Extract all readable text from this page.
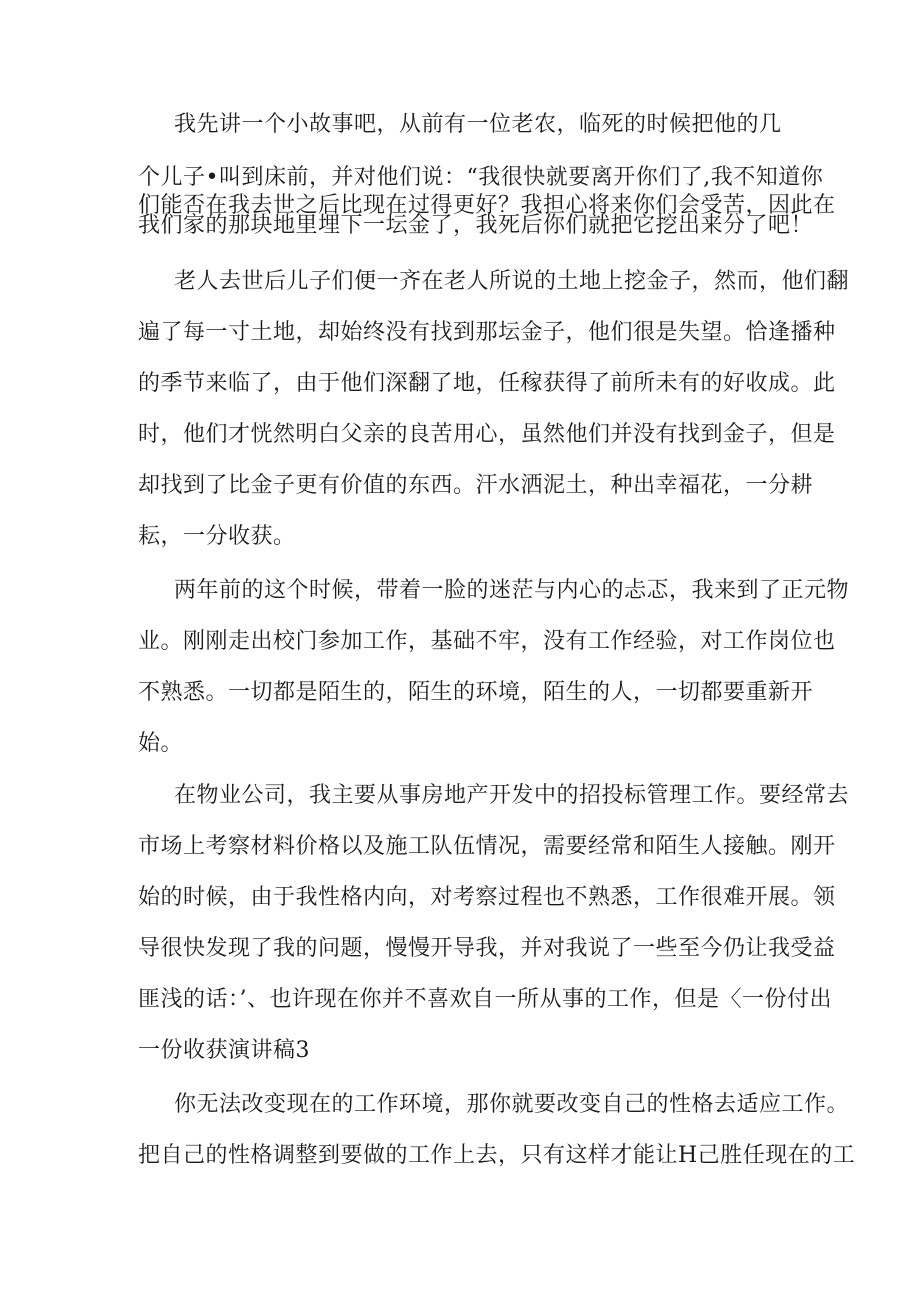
我先讲一个小故事吧，从前有一位老农，临死的时候把他的几
个儿子•叫到床前，并对他们说：“我很快就要离开你们了,我不知道你
们能否在我去世之后比现在过得更好？我担心将来你们会受苦，因此在
我们家的那块地里埋下一坛金了，我死后你们就把它挖出来分了吧！
老人去世后儿子们便一齐在老人所说的土地上挖金子，然而，他们翻
遍了每一寸土地，却始终没有找到那坛金子，他们很是失望。恰逢播种
的季节来临了，由于他们深翻了地，任稼获得了前所未有的好收成。此
时，他们才恍然明白父亲的良苦用心，虽然他们并没有找到金子，但是
却找到了比金子更有价值的东西。汗水洒泥土，种出幸福花，一分耕
耘，一分收获。
两年前的这个时候，带着一脸的迷茫与内心的忐忑，我来到了正元物
业。刚刚走出校门参加工作，基础不牢，没有工作经验，对工作岗位也
不熟悉。一切都是陌生的，陌生的环境，陌生的人，一切都要重新开
始。
在物业公司，我主要从事房地产开发中的招投标管理工作。要经常去
市场上考察材料价格以及施工队伍情况，需要经常和陌生人接触。刚开
始的时候，由于我性格内向，对考察过程也不熟悉，工作很难开展。领
导很快发现了我的问题，慢慢开导我，并对我说了一些至今仍让我受益
匪浅的话：’、也许现在你并不喜欢自一所从事的工作，但是〈一份付出
一份收获演讲稿3
你无法改变现在的工作环境，那你就要改变自己的性格去适应工作。
把自己的性格调整到要做的工作上去，只有这样才能让H己胜任现在的工
